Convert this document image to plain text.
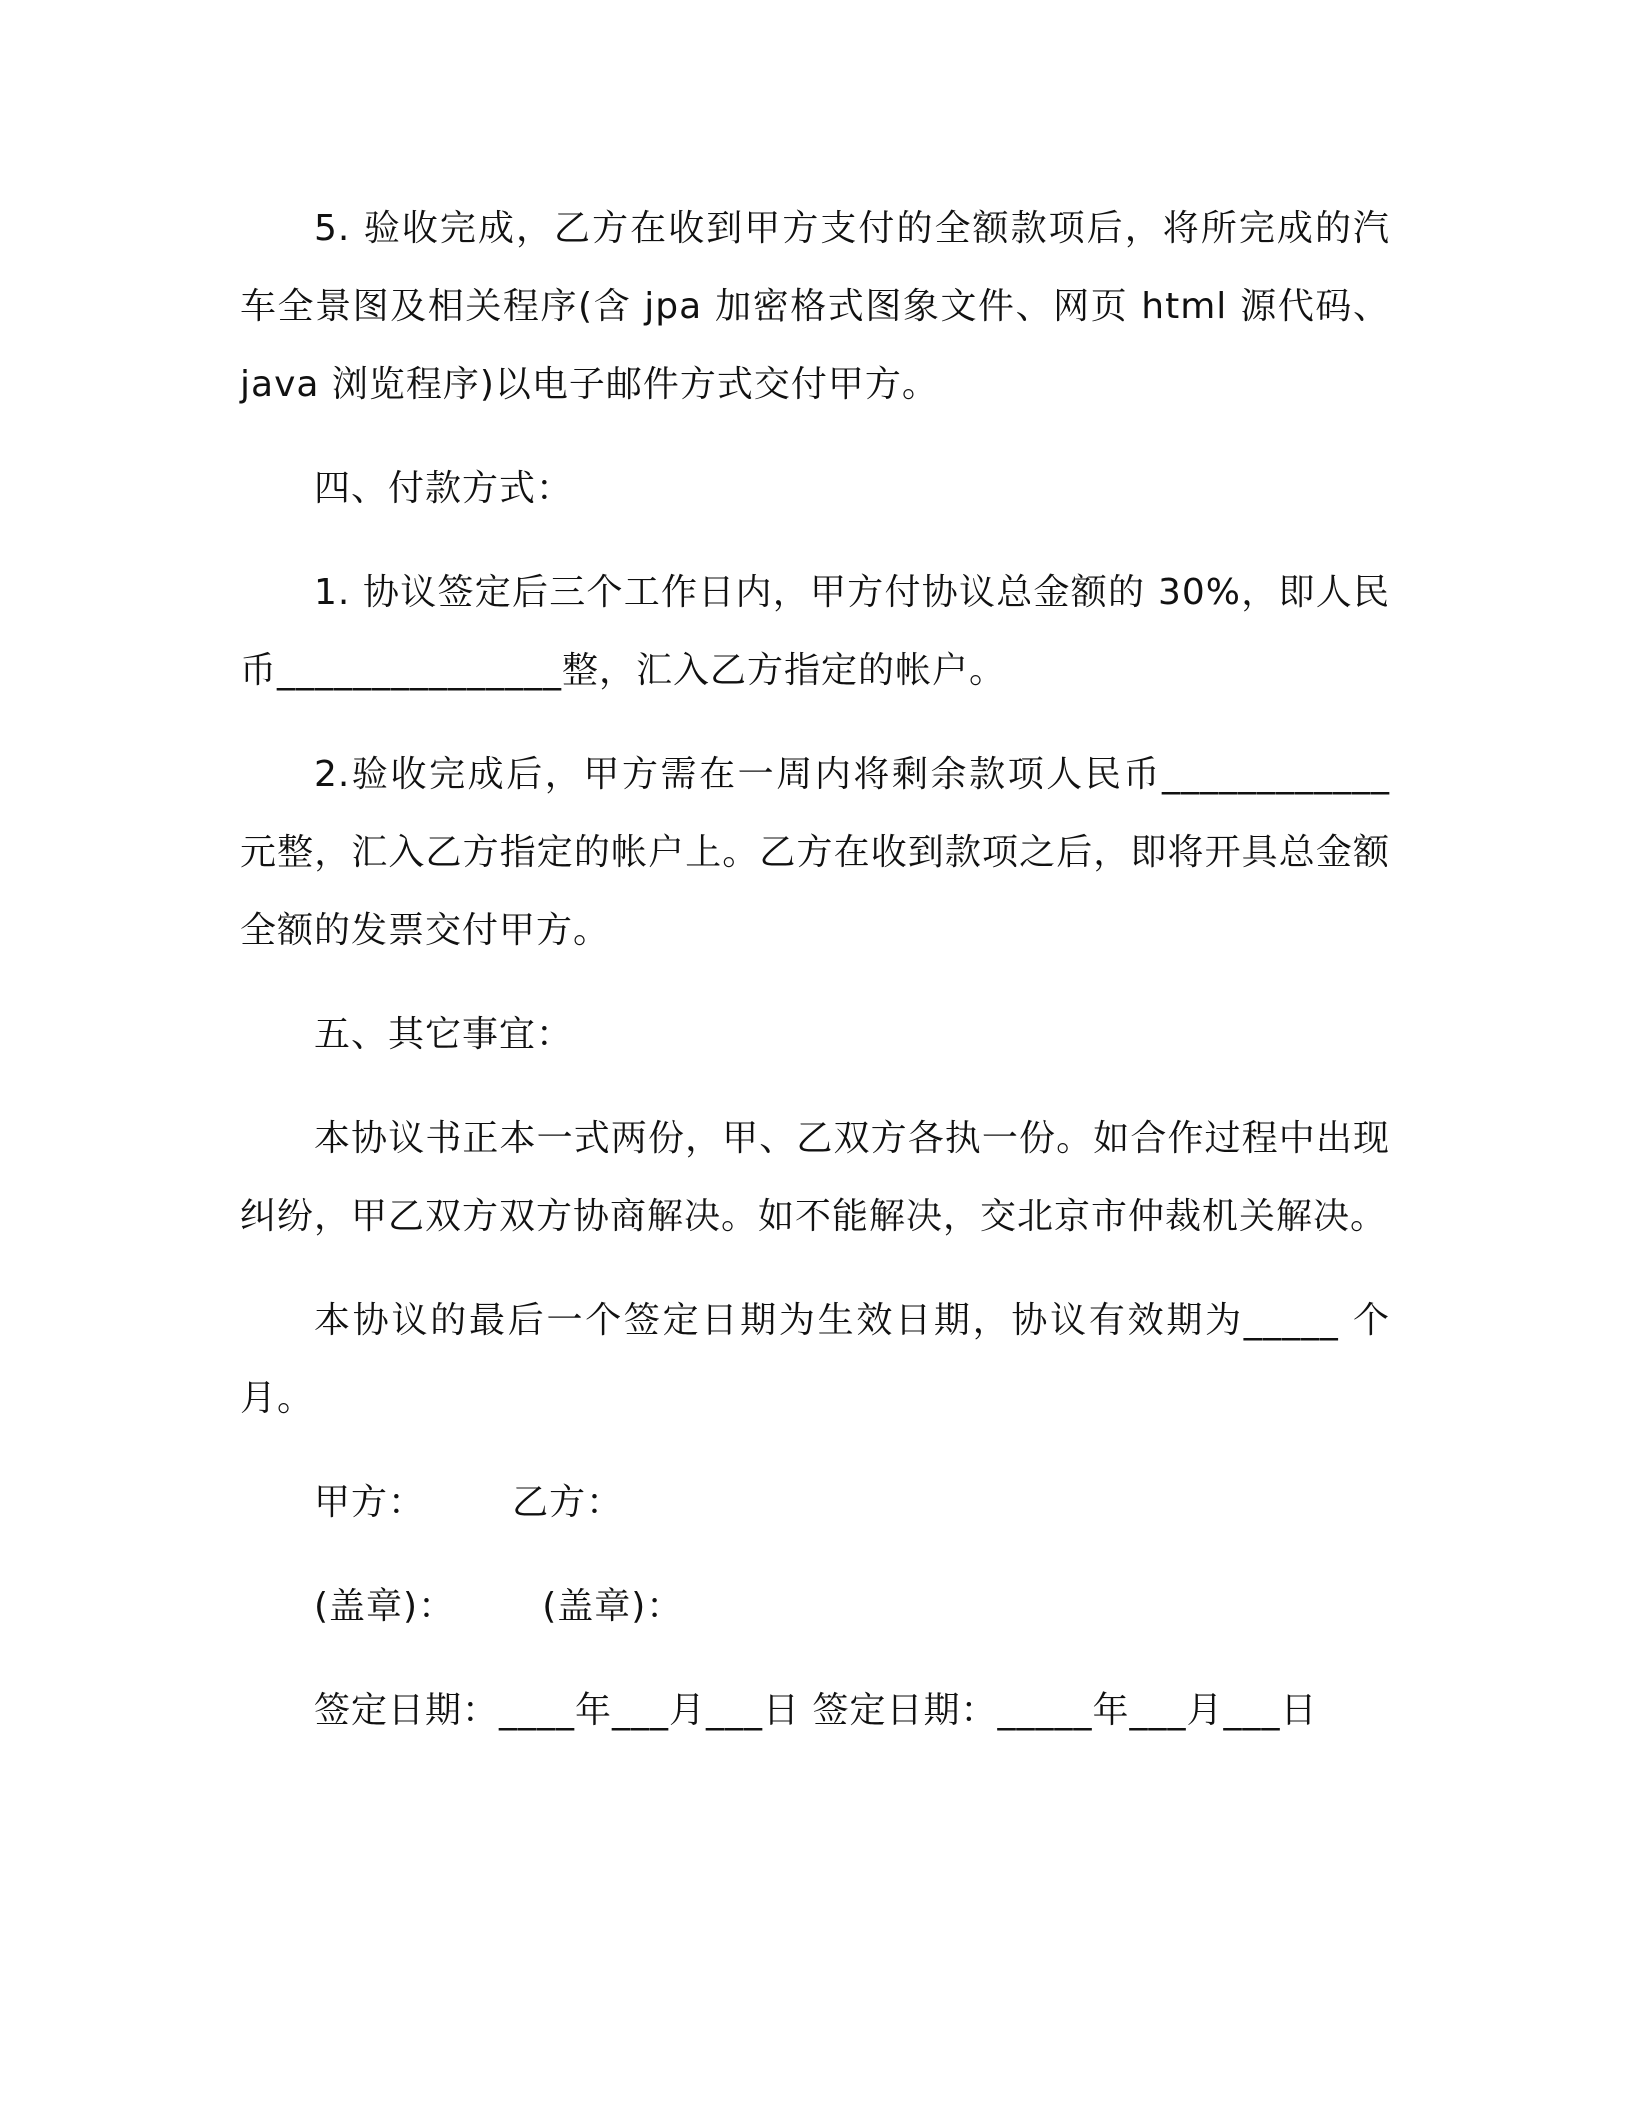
5. 验收完成，乙方在收到甲方支付的全额款项后，将所完成的汽车全景图及相关程序(含 jpa 加密格式图象文件、网页 html 源代码、java 浏览程序)以电子邮件方式交付甲方。

四、付款方式：

1. 协议签定后三个工作日内，甲方付协议总金额的 30%，即人民币_______________整，汇入乙方指定的帐户。

2.验收完成后，甲方需在一周内将剩余款项人民币____________元整，汇入乙方指定的帐户上。乙方在收到款项之后，即将开具总金额全额的发票交付甲方。

五、其它事宜：

本协议书正本一式两份，甲、乙双方各执一份。如合作过程中出现纠纷，甲乙双方双方协商解决。如不能解决，交北京市仲裁机关解决。

本协议的最后一个签定日期为生效日期，协议有效期为_____ 个月。

甲方：       乙方：

(盖章)：       (盖章)：

签定日期：____年___月___日 签定日期：_____年___月___日
